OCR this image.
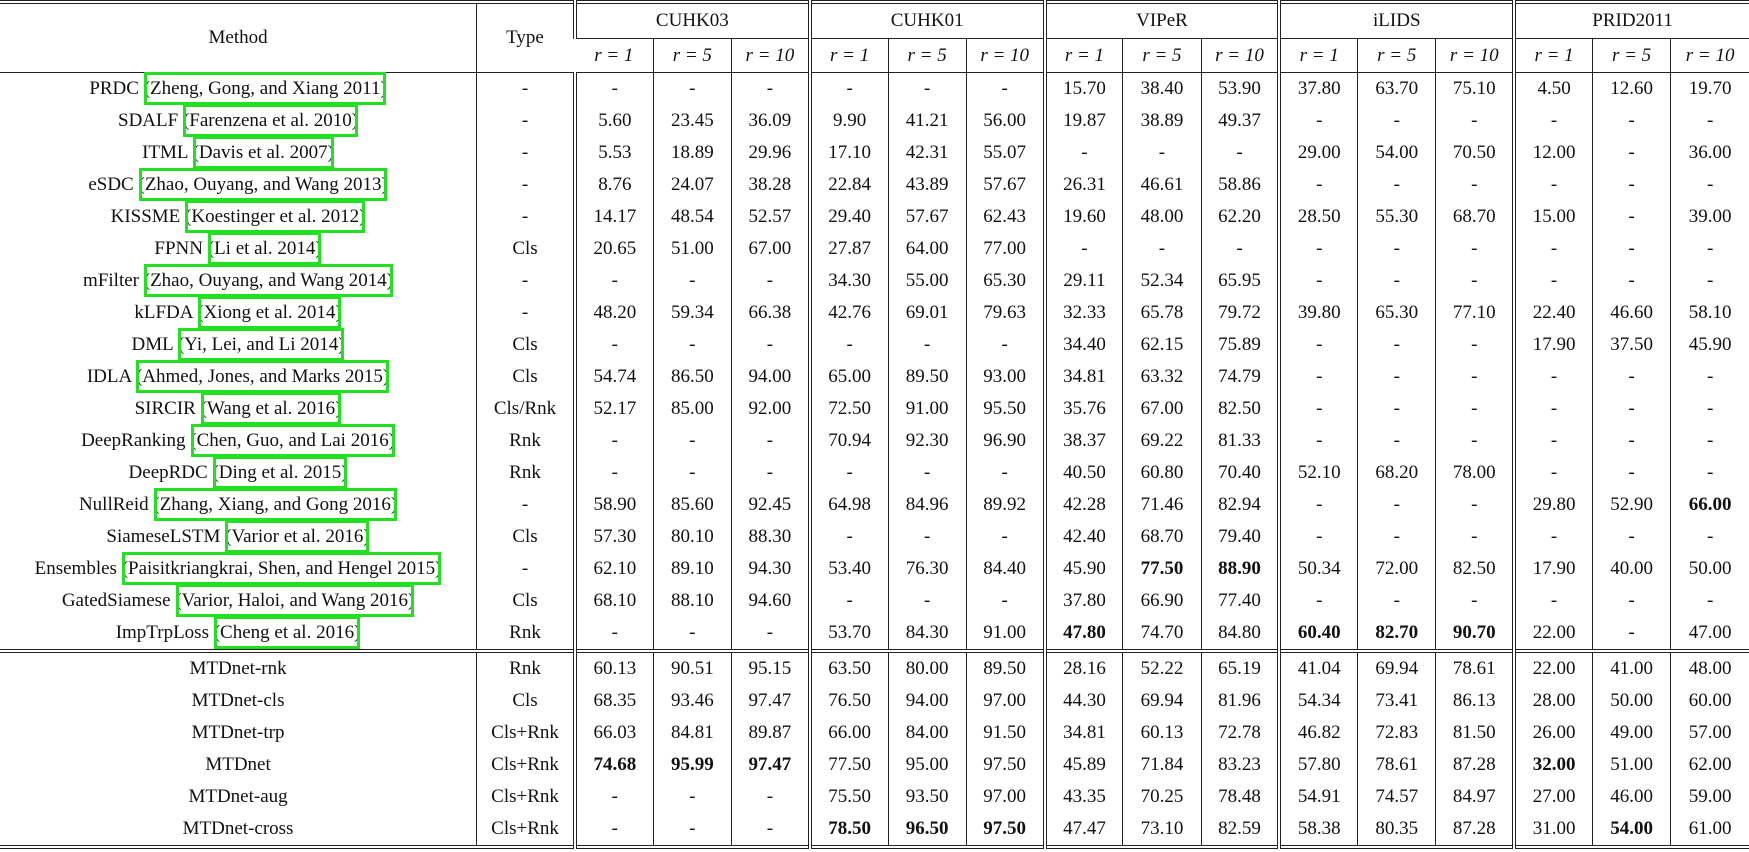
Method	Type	CUHK03			CUHK01			VIPeR			iLIDS			PRID2011		
		r = 1	r = 5	r = 10	r = 1	r = 5	r = 10	r = 1	r = 5	r = 10	r = 1	r = 5	r = 10	r = 1	r = 5	r = 10
PRDC (Zheng, Gong, and Xiang 2011)	-	-	-	-	-	-	-	15.70	38.40	53.90	37.80	63.70	75.10	4.50	12.60	19.70
SDALF (Farenzena et al. 2010)	-	5.60	23.45	36.09	9.90	41.21	56.00	19.87	38.89	49.37	-	-	-	-	-	-
ITML (Davis et al. 2007)	-	5.53	18.89	29.96	17.10	42.31	55.07	-	-	-	29.00	54.00	70.50	12.00	-	36.00
eSDC (Zhao, Ouyang, and Wang 2013)	-	8.76	24.07	38.28	22.84	43.89	57.67	26.31	46.61	58.86	-	-	-	-	-	-
KISSME (Koestinger et al. 2012)	-	14.17	48.54	52.57	29.40	57.67	62.43	19.60	48.00	62.20	28.50	55.30	68.70	15.00	-	39.00
FPNN (Li et al. 2014)	Cls	20.65	51.00	67.00	27.87	64.00	77.00	-	-	-	-	-	-	-	-	-
mFilter (Zhao, Ouyang, and Wang 2014)	-	-	-	-	34.30	55.00	65.30	29.11	52.34	65.95	-	-	-	-	-	-
kLFDA (Xiong et al. 2014)	-	48.20	59.34	66.38	42.76	69.01	79.63	32.33	65.78	79.72	39.80	65.30	77.10	22.40	46.60	58.10
DML (Yi, Lei, and Li 2014)	Cls	-	-	-	-	-	-	34.40	62.15	75.89	-	-	-	17.90	37.50	45.90
IDLA (Ahmed, Jones, and Marks 2015)	Cls	54.74	86.50	94.00	65.00	89.50	93.00	34.81	63.32	74.79	-	-	-	-	-	-
SIRCIR (Wang et al. 2016)	Cls/Rnk	52.17	85.00	92.00	72.50	91.00	95.50	35.76	67.00	82.50	-	-	-	-	-	-
DeepRanking (Chen, Guo, and Lai 2016)	Rnk	-	-	-	70.94	92.30	96.90	38.37	69.22	81.33	-	-	-	-	-	-
DeepRDC (Ding et al. 2015)	Rnk	-	-	-	-	-	-	40.50	60.80	70.40	52.10	68.20	78.00	-	-	-
NullReid (Zhang, Xiang, and Gong 2016)	-	58.90	85.60	92.45	64.98	84.96	89.92	42.28	71.46	82.94	-	-	-	29.80	52.90	66.00
SiameseLSTM (Varior et al. 2016)	Cls	57.30	80.10	88.30	-	-	-	42.40	68.70	79.40	-	-	-	-	-	-
Ensembles (Paisitkriangkrai, Shen, and Hengel 2015)	-	62.10	89.10	94.30	53.40	76.30	84.40	45.90	77.50	88.90	50.34	72.00	82.50	17.90	40.00	50.00
GatedSiamese (Varior, Haloi, and Wang 2016)	Cls	68.10	88.10	94.60	-	-	-	37.80	66.90	77.40	-	-	-	-	-	-
ImpTrpLoss (Cheng et al. 2016)	Rnk	-	-	-	53.70	84.30	91.00	47.80	74.70	84.80	60.40	82.70	90.70	22.00	-	47.00
MTDnet-rnk	Rnk	60.13	90.51	95.15	63.50	80.00	89.50	28.16	52.22	65.19	41.04	69.94	78.61	22.00	41.00	48.00
MTDnet-cls	Cls	68.35	93.46	97.47	76.50	94.00	97.00	44.30	69.94	81.96	54.34	73.41	86.13	28.00	50.00	60.00
MTDnet-trp	Cls+Rnk	66.03	84.81	89.87	66.00	84.00	91.50	34.81	60.13	72.78	46.82	72.83	81.50	26.00	49.00	57.00
MTDnet	Cls+Rnk	74.68	95.99	97.47	77.50	95.00	97.50	45.89	71.84	83.23	57.80	78.61	87.28	32.00	51.00	62.00
MTDnet-aug	Cls+Rnk	-	-	-	75.50	93.50	97.00	43.35	70.25	78.48	54.91	74.57	84.97	27.00	46.00	59.00
MTDnet-cross	Cls+Rnk	-	-	-	78.50	96.50	97.50	47.47	73.10	82.59	58.38	80.35	87.28	31.00	54.00	61.00
